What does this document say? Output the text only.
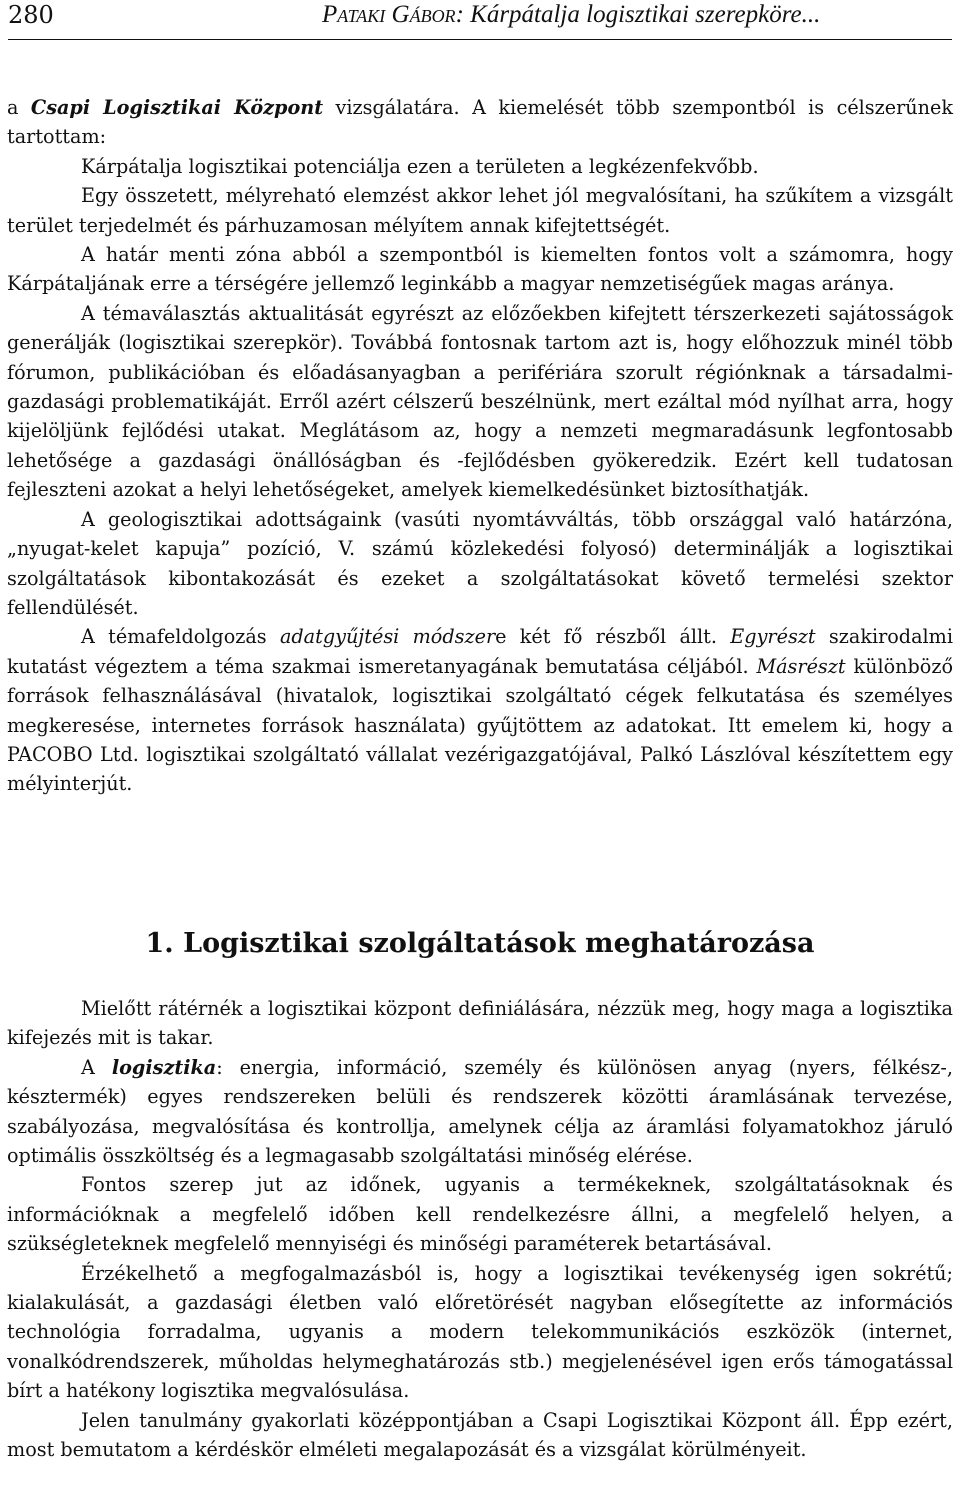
280	Pataki Gábor: Kárpátalja logisztikai szerepköre...

a Csapi Logisztikai Központ vizsgálatára. A kiemelését több szempontból is célszerűnek tartottam:

Kárpátalja logisztikai potenciálja ezen a területen a legkézenfekvőbb.

Egy összetett, mélyreható elemzést akkor lehet jól megvalósítani, ha szűkítem a vizsgált terület terjedelmét és párhuzamosan mélyítem annak kifejtettségét.

A határ menti zóna abból a szempontból is kiemelten fontos volt a számomra, hogy Kárpátaljának erre a térségére jellemző leginkább a magyar nemzetiségűek magas aránya.

A témaválasztás aktualitását egyrészt az előzőekben kifejtett térszerkezeti sajátosságok generálják (logisztikai szerepkör). Továbbá fontosnak tartom azt is, hogy előhozzuk minél több fórumon, publikációban és előadásanyagban a perifériára szorult régiónknak a társadalmi-gazdasági problematikáját. Erről azért célszerű beszélnünk, mert ezáltal mód nyílhat arra, hogy kijelöljünk fejlődési utakat. Meglátásom az, hogy a nemzeti megmaradásunk legfontosabb lehetősége a gazdasági önállóságban és -fejlődésben gyökeredzik. Ezért kell tudatosan fejleszteni azokat a helyi lehetőségeket, amelyek kiemelkedésünket biztosíthatják.

A geologisztikai adottságaink (vasúti nyomtávváltás, több országgal való határzóna, „nyugat-kelet kapuja” pozíció, V. számú közlekedési folyosó) determinálják a logisztikai szolgáltatások kibontakozását és ezeket a szolgáltatásokat követő termelési szektor fellendülését.

A témafeldolgozás adatgyűjtési módszere két fő részből állt. Egyrészt szakirodalmi kutatást végeztem a téma szakmai ismeretanyagának bemutatása céljából. Másrészt különböző források felhasználásával (hivatalok, logisztikai szolgáltató cégek felkutatása és személyes megkeresése, internetes források használata) gyűjtöttem az adatokat. Itt emelem ki, hogy a PACOBO Ltd. logisztikai szolgáltató vállalat vezérigazgatójával, Palkó Lászlóval készítettem egy mélyinterjút.

1. Logisztikai szolgáltatások meghatározása

Mielőtt rátérnék a logisztikai központ definiálására, nézzük meg, hogy maga a logisztika kifejezés mit is takar.

A logisztika: energia, információ, személy és különösen anyag (nyers, félkész-, késztermék) egyes rendszereken belüli és rendszerek közötti áramlásának tervezése, szabályozása, megvalósítása és kontrollja, amelynek célja az áramlási folyamatokhoz járuló optimális összköltség és a legmagasabb szolgáltatási minőség elérése.

Fontos szerep jut az időnek, ugyanis a termékeknek, szolgáltatásoknak és információknak a megfelelő időben kell rendelkezésre állni, a megfelelő helyen, a szükségleteknek megfelelő mennyiségi és minőségi paraméterek betartásával.

Érzékelhető a megfogalmazásból is, hogy a logisztikai tevékenység igen sokrétű; kialakulását, a gazdasági életben való előretörését nagyban elősegítette az információs technológia forradalma, ugyanis a modern telekommunikációs eszközök (internet, vonalkódrendszerek, műholdas helymeghatározás stb.) megjelenésével igen erős támogatással bírt a hatékony logisztika megvalósulása.

Jelen tanulmány gyakorlati középpontjában a Csapi Logisztikai Központ áll. Épp ezért, most bemutatom a kérdéskör elméleti megalapozását és a vizsgálat körülményeit.
